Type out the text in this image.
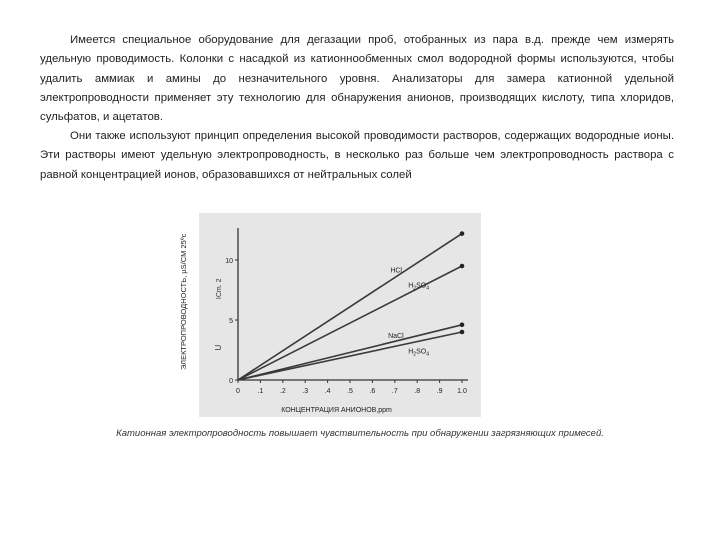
Имеется специальное оборудование для дегазации проб, отобранных из пара в.д. прежде чем измерять удельную проводимость. Колонки с насадкой из катионнообменных смол водородной формы используются, чтобы удалить аммиак и амины до незначительного уровня. Анализаторы для замера катионной удельной электропроводности применяет эту технологию для обнаружения анионов, производящих кислоту, типа хлоридов, сульфатов, и ацетатов.

Они также используют принцип определения высокой проводимости растворов, содержащих водородные ионы. Эти растворы имеют удельную электропроводность, в несколько раз больше чем электропроводность раствора с равной концентрацией ионов, образовавшихся от нейтральных солей

ЭЛЕКТРОПРОВОДНОСТЬ, µS/CM 25ºc
0	.1 .2 .3 .4 .5 .6 .7 .8 .9 1.0
0
5
10
ICm. 2
U
КОНЦЕНТРАЦИЯ АНИОНОВ,ppm
HCl
$H_2SO_4$
NaCl
$H_2SO_4$
Катионная электропроводность повышает чувствительность при обнаружении загрязняющих примесей.
